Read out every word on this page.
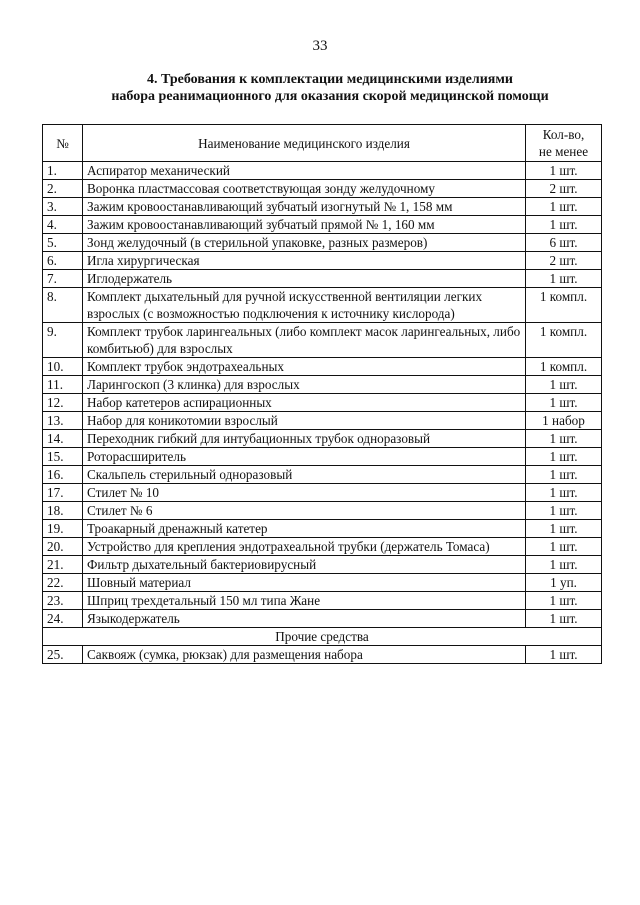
33
4. Требования к комплектации медицинскими изделиями
набора реанимационного для оказания скорой медицинской помощи
№	Наименование медицинского изделия	Кол-во,
не менее

1.	Аспиратор механический	1 шт.
2.	Воронка пластмассовая соответствующая зонду желудочному	2 шт.
3.	Зажим кровоостанавливающий зубчатый изогнутый № 1, 158 мм	1 шт.
4.	Зажим кровоостанавливающий зубчатый прямой № 1, 160 мм	1 шт.
5.	Зонд желудочный (в стерильной упаковке, разных размеров)	6 шт.
6.	Игла хирургическая	2 шт.
7.	Иглодержатель	1 шт.
8.	Комплект дыхательный для ручной искусственной вентиляции легких взрослых (с возможностью подключения к источнику кислорода)	1 компл.
9.	Комплект трубок ларингеальных (либо комплект масок ларингеальных, либо комбитьюб) для взрослых	1 компл.
10.	Комплект трубок эндотрахеальных	1 компл.
11.	Ларингоскоп (3 клинка) для взрослых	1 шт.
12.	Набор катетеров аспирационных	1 шт.
13.	Набор для коникотомии взрослый	1 набор
14.	Переходник гибкий для интубационных трубок одноразовый	1 шт.
15.	Роторасширитель	1 шт.
16.	Скальпель стерильный одноразовый	1 шт.
17.	Стилет № 10	1 шт.
18.	Стилет № 6	1 шт.
19.	Троакарный дренажный катетер	1 шт.
20.	Устройство для крепления эндотрахеальной трубки (держатель Томаса)	1 шт.
21.	Фильтр дыхательный бактериовирусный	1 шт.
22.	Шовный материал	1 уп.
23.	Шприц трехдетальный 150 мл типа Жане	1 шт.
24.	Языкодержатель	1 шт.
Прочие средства		
25.	Саквояж (сумка, рюкзак) для размещения набора	1 шт.
